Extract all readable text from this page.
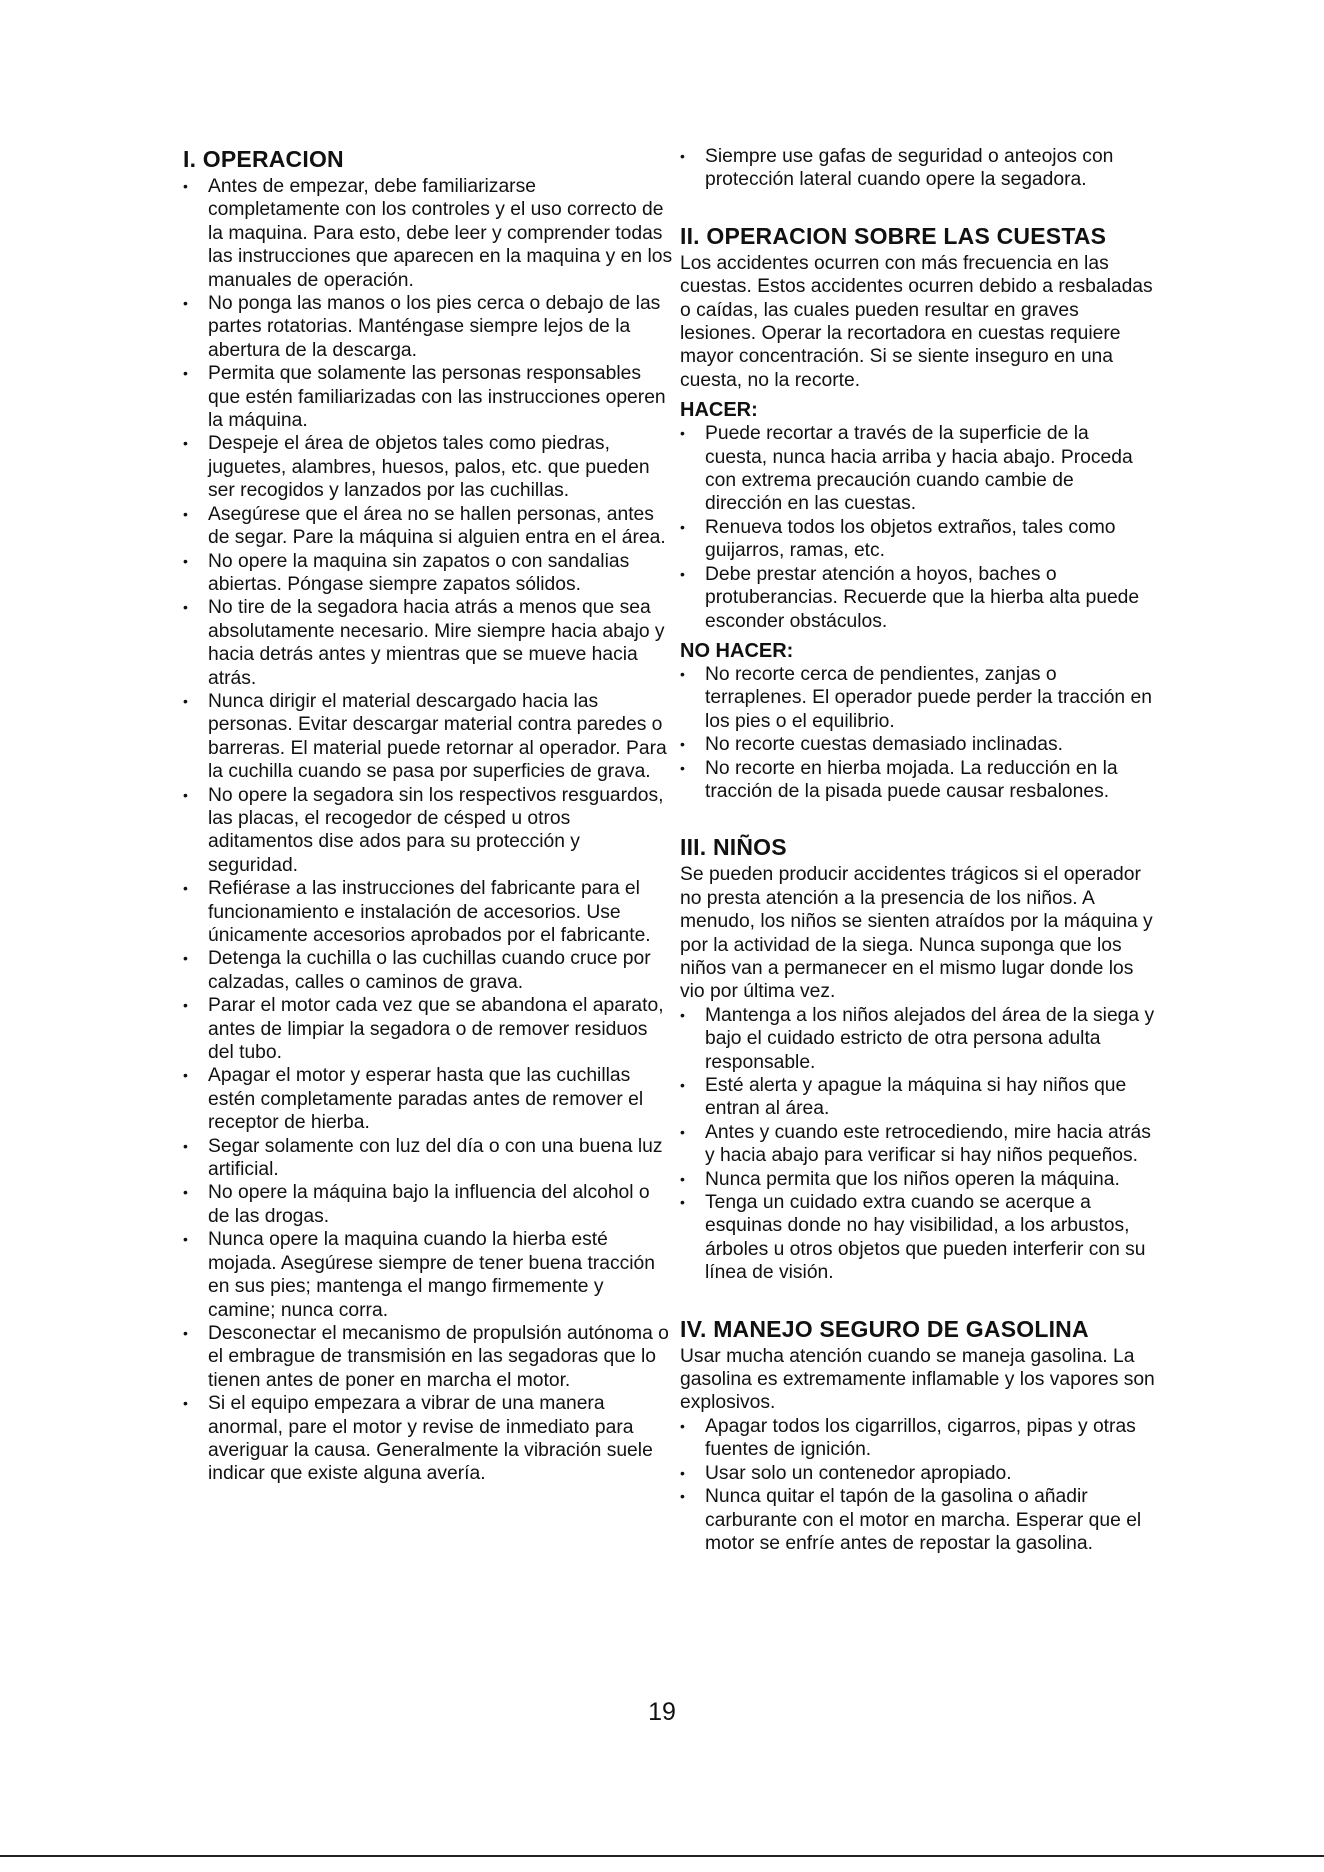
I. OPERACION
•	Antes de empezar, debe familiarizarse completamente con los controles y el uso correcto de la maquina. Para esto, debe leer y comprender todas las instrucciones que aparecen en la maquina y en los manuales de operación.
•	No ponga las manos o los pies cerca o debajo de las partes rotatorias. Manténgase siempre lejos de la abertura de la descarga.
•	Permita que solamente las personas responsables que estén familiarizadas con las instrucciones operen la máquina.
•	Despeje el área de objetos tales como piedras, juguetes, alambres, huesos, palos, etc. que pueden ser recogidos y lanzados por las cuchillas.
•	Asegúrese que el área no se hallen personas, antes de segar. Pare la máquina si alguien entra en el área.
•	No opere la maquina sin zapatos o con sandalias abiertas. Póngase siempre zapatos sólidos.
•	No tire de la segadora hacia atrás a menos que sea absolutamente necesario. Mire siempre hacia abajo y hacia detrás antes y mientras que se mueve hacia atrás.
•	Nunca dirigir el material descargado hacia las personas. Evitar descargar material contra paredes o barreras. El material puede retornar al operador. Para la cuchilla cuando se pasa por superficies de grava.
•	No opere la segadora sin los respectivos resguardos, las placas, el recogedor de césped u otros aditamentos dise ados para su protección y seguridad.
•	Refiérase a las instrucciones del fabricante para el funcionamiento e instalación de accesorios. Use únicamente accesorios aprobados por el fabricante.
•	Detenga la cuchilla o las cuchillas cuando cruce por calzadas, calles o caminos de grava.
•	Parar el motor cada vez que se abandona el aparato, antes de limpiar la segadora o de remover residuos del tubo.
•	Apagar el motor y esperar hasta que las cuchillas estén completamente paradas antes de remover el receptor de hierba.
•	Segar solamente con luz del día o con una buena luz artificial.
•	No opere la máquina bajo la influencia del alcohol o de las drogas.
•	Nunca opere la maquina cuando la hierba esté mojada. Asegúrese siempre de tener buena tracción en sus pies; mantenga el mango firmemente y camine; nunca corra.
•	Desconectar el mecanismo de propulsión autónoma o el embrague de transmisión en las segadoras que lo tienen antes de poner en marcha el motor.
•	Si el equipo empezara a vibrar de una manera anormal, pare el motor y revise de inmediato para averiguar la causa. Generalmente la vibración suele indicar que existe alguna avería.
•	Siempre use gafas de seguridad o anteojos con protección lateral cuando opere la segadora.
II. OPERACION SOBRE LAS CUESTAS

Los accidentes ocurren con más frecuencia en las cuestas. Estos accidentes ocurren debido a resbaladas o caídas, las cuales pueden resultar en graves lesiones. Operar la recortadora en cuestas requiere mayor concentración. Si se siente inseguro en una cuesta, no la recorte.

HACER:
•	Puede recortar a través de la superficie de la cuesta, nunca hacia arriba y hacia abajo. Proceda con extrema precaución cuando cambie de dirección en las cuestas.
•	Renueva todos los objetos extraños, tales como guijarros, ramas, etc.
•	Debe prestar atención a hoyos, baches o protuberancias. Recuerde que la hierba alta puede esconder obstáculos.
NO HACER:
•	No recorte cerca de pendientes, zanjas o terraplenes. El operador puede perder la tracción en los pies o el equilibrio.
•	No recorte cuestas demasiado inclinadas.
•	No recorte en hierba mojada. La reducción en la tracción de la pisada puede causar resbalones.
III. NIÑOS

Se pueden producir accidentes trágicos si el operador no presta atención a la presencia de los niños. A menudo, los niños se sienten atraídos por la máquina y por la actividad de la siega. Nunca suponga que los niños van a permanecer en el mismo lugar donde los vio por última vez.

•	Mantenga a los niños alejados del área de la siega y bajo el cuidado estricto de otra persona adulta responsable.
•	Esté alerta y apague la máquina si hay niños que entran al área.
•	Antes y cuando este retrocediendo, mire hacia atrás y hacia abajo para verificar si hay niños pequeños.
•	Nunca permita que los niños operen la máquina.
•	Tenga un cuidado extra cuando se acerque a esquinas donde no hay visibilidad, a los arbustos, árboles u otros objetos que pueden interferir con su línea de visión.
IV. MANEJO SEGURO DE GASOLINA

Usar mucha atención cuando se maneja gasolina. La gasolina es extremamente inflamable y los vapores son explosivos.

•	Apagar todos los cigarrillos, cigarros, pipas y otras fuentes de ignición.
•	Usar solo un contenedor apropiado.
•	Nunca quitar el tapón de la gasolina o añadir carburante con el motor en marcha. Esperar que el motor se enfríe antes de repostar la gasolina.
19
